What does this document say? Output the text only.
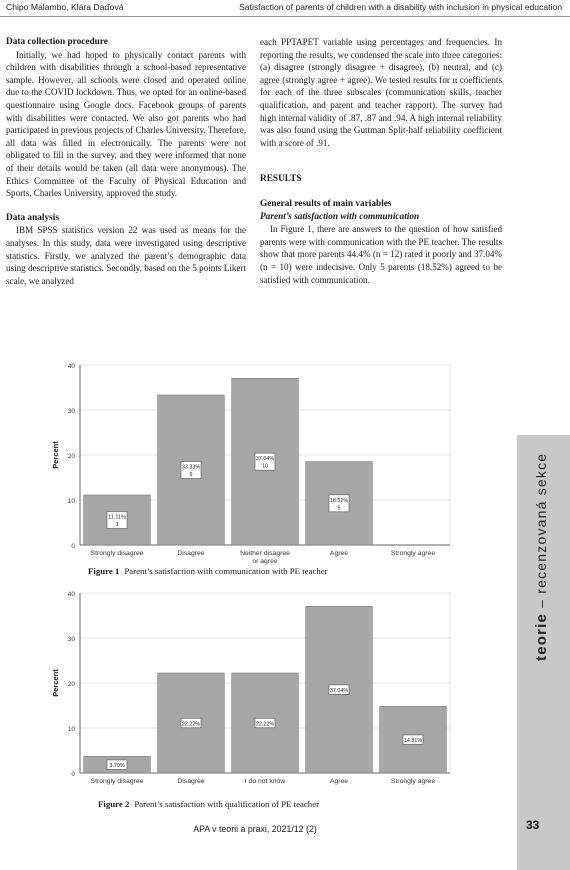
Chipo Malambo, Klára Daďová	Satisfaction of parents of children with a disability with inclusion in physical education
Data collection procedure

Initially, we had hoped to physically contact parents with children with disabilities through a school-based representative sample. However, all schools were closed and operated online due to the COVID lockdown. Thus, we opted for an online-based questionnaire using Google docs. Facebook groups of parents with disabilities were contacted. We also got parents who had participated in previous projects of Charles University. Therefore, all data was filled in electronically. The parents were not obligated to fill in the survey, and they were informed that none of their details would be taken (all data were anonymous). The Ethics Committee of the Faculty of Physical Education and Sports, Charles University, approved the study.

Data analysis

IBM SPSS statistics version 22 was used as means for the analyses. In this study, data were investigated using descriptive statistics. Firstly, we analyzed the parent’s demographic data using descriptive statistics. Secondly, based on the 5 points Likert scale, we analyzed

each PPTAPET variable using percentages and frequencies. In reporting the results, we condensed the scale into three categories: (a) disagree (strongly disagree + disagree), (b) neutral, and (c) agree (strongly agree + agree). We tested results for α coefficients for each of the three subscales (communication skills, teacher qualification, and parent and teacher rapport). The survey had high internal validity of .87, .87 and .94. A high internal reliability was also found using the Guttman Split-half reliability coefficient with a score of .91.

RESULTS
General results of main variables
Parent’s satisfaction with communication

In Figure 1, there are answers to the question of how satisfied parents were with communication with the PE teacher. The results show that more parents 44.4% (n = 12) rated it poorly and 37.04% (n = 10) were indecisive. Only 5 parents (18.52%) agreed to be satisfied with communication.

0
10
20
30
40
Percent
11.11%
3
Strongly disagree
33.33%
9
Disagree
37.04%
10
Neither disagree
or agree
18.52%
5
Agree	Strongly agree
Figure 1 Parent’s satisfaction with communication with PE teacher
0
10
20
30
40
Percent
3.70%
Strongly disagree
22.22%
Disagree
22.22%
I do not know
37.04%
Agree
14.81%
Strongly agree
Figure 2 Parent’s satisfaction with qualification of PE teacher
teorie – recenzovaná sekce
33
APA v teorii a praxi, 2021/12 (2)
